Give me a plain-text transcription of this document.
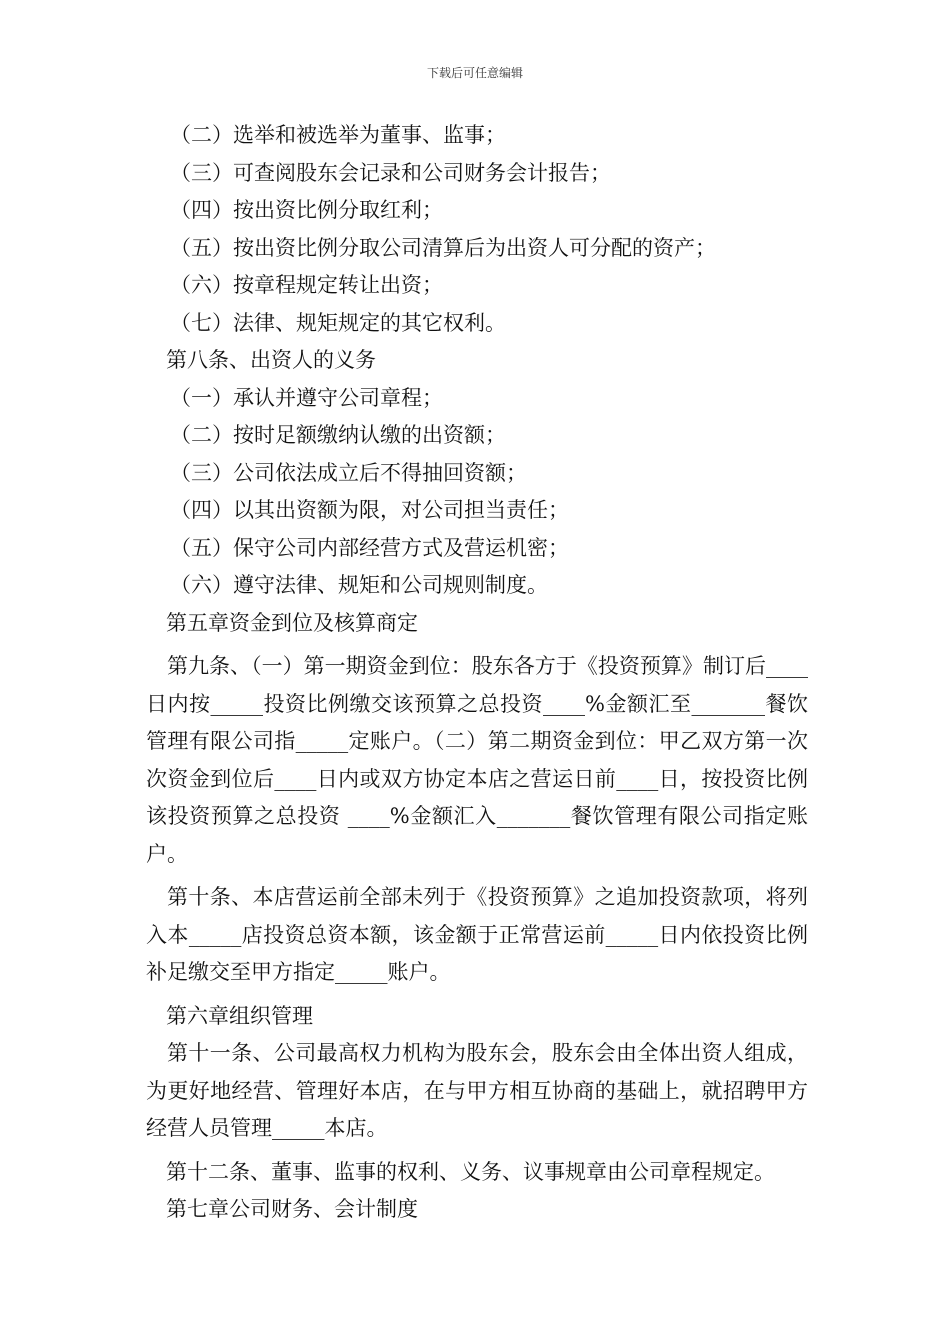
下载后可任意编辑
（二）选举和被选举为董事、监事；
（三）可查阅股东会记录和公司财务会计报告；
（四）按出资比例分取红利；
（五）按出资比例分取公司清算后为出资人可分配的资产；
（六）按章程规定转让出资；
（七）法律、规矩规定的其它权利。
第八条、出资人的义务
（一）承认并遵守公司章程；
（二）按时足额缴纳认缴的出资额；
（三）公司依法成立后不得抽回资额；
（四）以其出资额为限，对公司担当责任；
（五）保守公司内部经营方式及营运机密；
（六）遵守法律、规矩和公司规则制度。
第五章资金到位及核算商定

第九条、（一）第一期资金到位：股东各方于《投资预算》制订后____日内按_____投资比例缴交该预算之总投资____%金额汇至_______餐饮管理有限公司指_____定账户。（二）第二期资金到位：甲乙双方第一次次资金到位后____日内或双方协定本店之营运日前____日，按投资比例该投资预算之总投资 ____%金额汇入_______餐饮管理有限公司指定账户。

第十条、本店营运前全部未列于《投资预算》之追加投资款项，将列入本_____店投资总资本额，该金额于正常营运前_____日内依投资比例补足缴交至甲方指定_____账户。

第六章组织管理

第十一条、公司最高权力机构为股东会，股东会由全体出资人组成，为更好地经营、管理好本店，在与甲方相互协商的基础上，就招聘甲方经营人员管理_____本店。

第十二条、董事、监事的权利、义务、议事规章由公司章程规定。
第七章公司财务、会计制度
